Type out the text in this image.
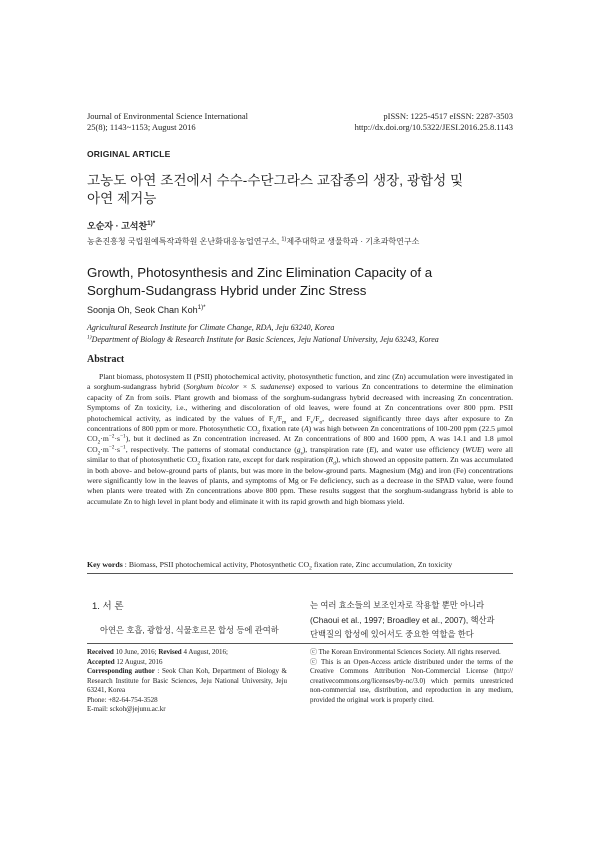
Journal of Environmental Science International
25(8); 1143~1153; August 2016
pISSN: 1225-4517 eISSN: 2287-3503
http://dx.doi.org/10.5322/JESI.2016.25.8.1143
ORIGINAL ARTICLE
고농도 아연 조건에서 수수-수단그라스 교잡종의 생장, 광합성 및
아연 제거능
오순자 · 고석찬$^{1)*}$
농촌진흥청 국립원예특작과학원 온난화대응농업연구소, $^{1)}$제주대학교 생물학과 · 기초과학연구소
Growth, Photosynthesis and Zinc Elimination Capacity of a
Sorghum-Sudangrass Hybrid under Zinc Stress
Soonja Oh, Seok Chan Koh$^{1)*}$
Agricultural Research Institute for Climate Change, RDA, Jeju 63240, Korea
$^{1)}$Department of Biology & Research Institute for Basic Sciences, Jeju National University, Jeju 63243, Korea
Abstract
Plant biomass, photosystem II (PSII) photochemical activity, photosynthetic function, and zinc (Zn) accumulation were investigated in a sorghum-sudangrass hybrid (Sorghum bicolor × S. sudanense) exposed to various Zn concentrations to determine the elimination capacity of Zn from soils. Plant growth and biomass of the sorghum-sudangrass hybrid decreased with increasing Zn concentration. Symptoms of Zn toxicity, i.e., withering and discoloration of old leaves, were found at Zn concentrations over 800 ppm. PSII photochemical activity, as indicated by the values of $F_v/F_m$ and $F_v/F_o$, decreased significantly three days after exposure to Zn concentrations of 800 ppm or more. Photosynthetic $CO_2$ fixation rate (A) was high between Zn concentrations of 100-200 ppm (22.5 μmol $CO_2\cdot m^{-2}\cdot s^{-1}$), but it declined as Zn concentration increased. At Zn concentrations of 800 and 1600 ppm, A was 14.1 and 1.8 μmol $CO_2\cdot m^{-2}\cdot s^{-1}$, respectively. The patterns of stomatal conductance $(g_s)$, transpiration rate (E), and water use efficiency (WUE) were all similar to that of photosynthetic $CO_2$ fixation rate, except for dark respiration $(R_d)$, which showed an opposite pattern. Zn was accumulated in both above- and below-ground parts of plants, but was more in the below-ground parts. Magnesium (Mg) and iron (Fe) concentrations were significantly low in the leaves of plants, and symptoms of Mg or Fe deficiency, such as a decrease in the SPAD value, were found when plants were treated with Zn concentrations above 800 ppm. These results suggest that the sorghum-sudangrass hybrid is able to accumulate Zn to high level in plant body and eliminate it with its rapid growth and high biomass yield.
Key words : Biomass, PSII photochemical activity, Photosynthetic $CO_2$ fixation rate, Zinc accumulation, Zn toxicity
1. 서 론
아연은 호흡, 광합성, 식물호르몬 합성 등에 관여하
는 여러 효소들의 보조인자로 작용할 뿐만 아니라
(Chaoui et al., 1997; Broadley et al., 2007), 핵산과
단백질의 합성에 있어서도 중요한 역할을 한다
Received 10 June, 2016; Revised 4 August, 2016;
Accepted 12 August, 2016
Corresponding author : Seok Chan Koh, Department of Biology & Research Institute for Basic Sciences, Jeju National University, Jeju 63241, Korea
Phone: +82-64-754-3528
E-mail: sckoh@jejunu.ac.kr
ⓒ The Korean Environmental Sciences Society. All rights reserved.
ⓒ This is an Open-Access article distributed under the terms of the Creative Commons Attribution Non-Commercial License (http:// creativecommons.org/licenses/by-nc/3.0) which permits unrestricted non-commercial use, distribution, and reproduction in any medium, provided the original work is properly cited.
